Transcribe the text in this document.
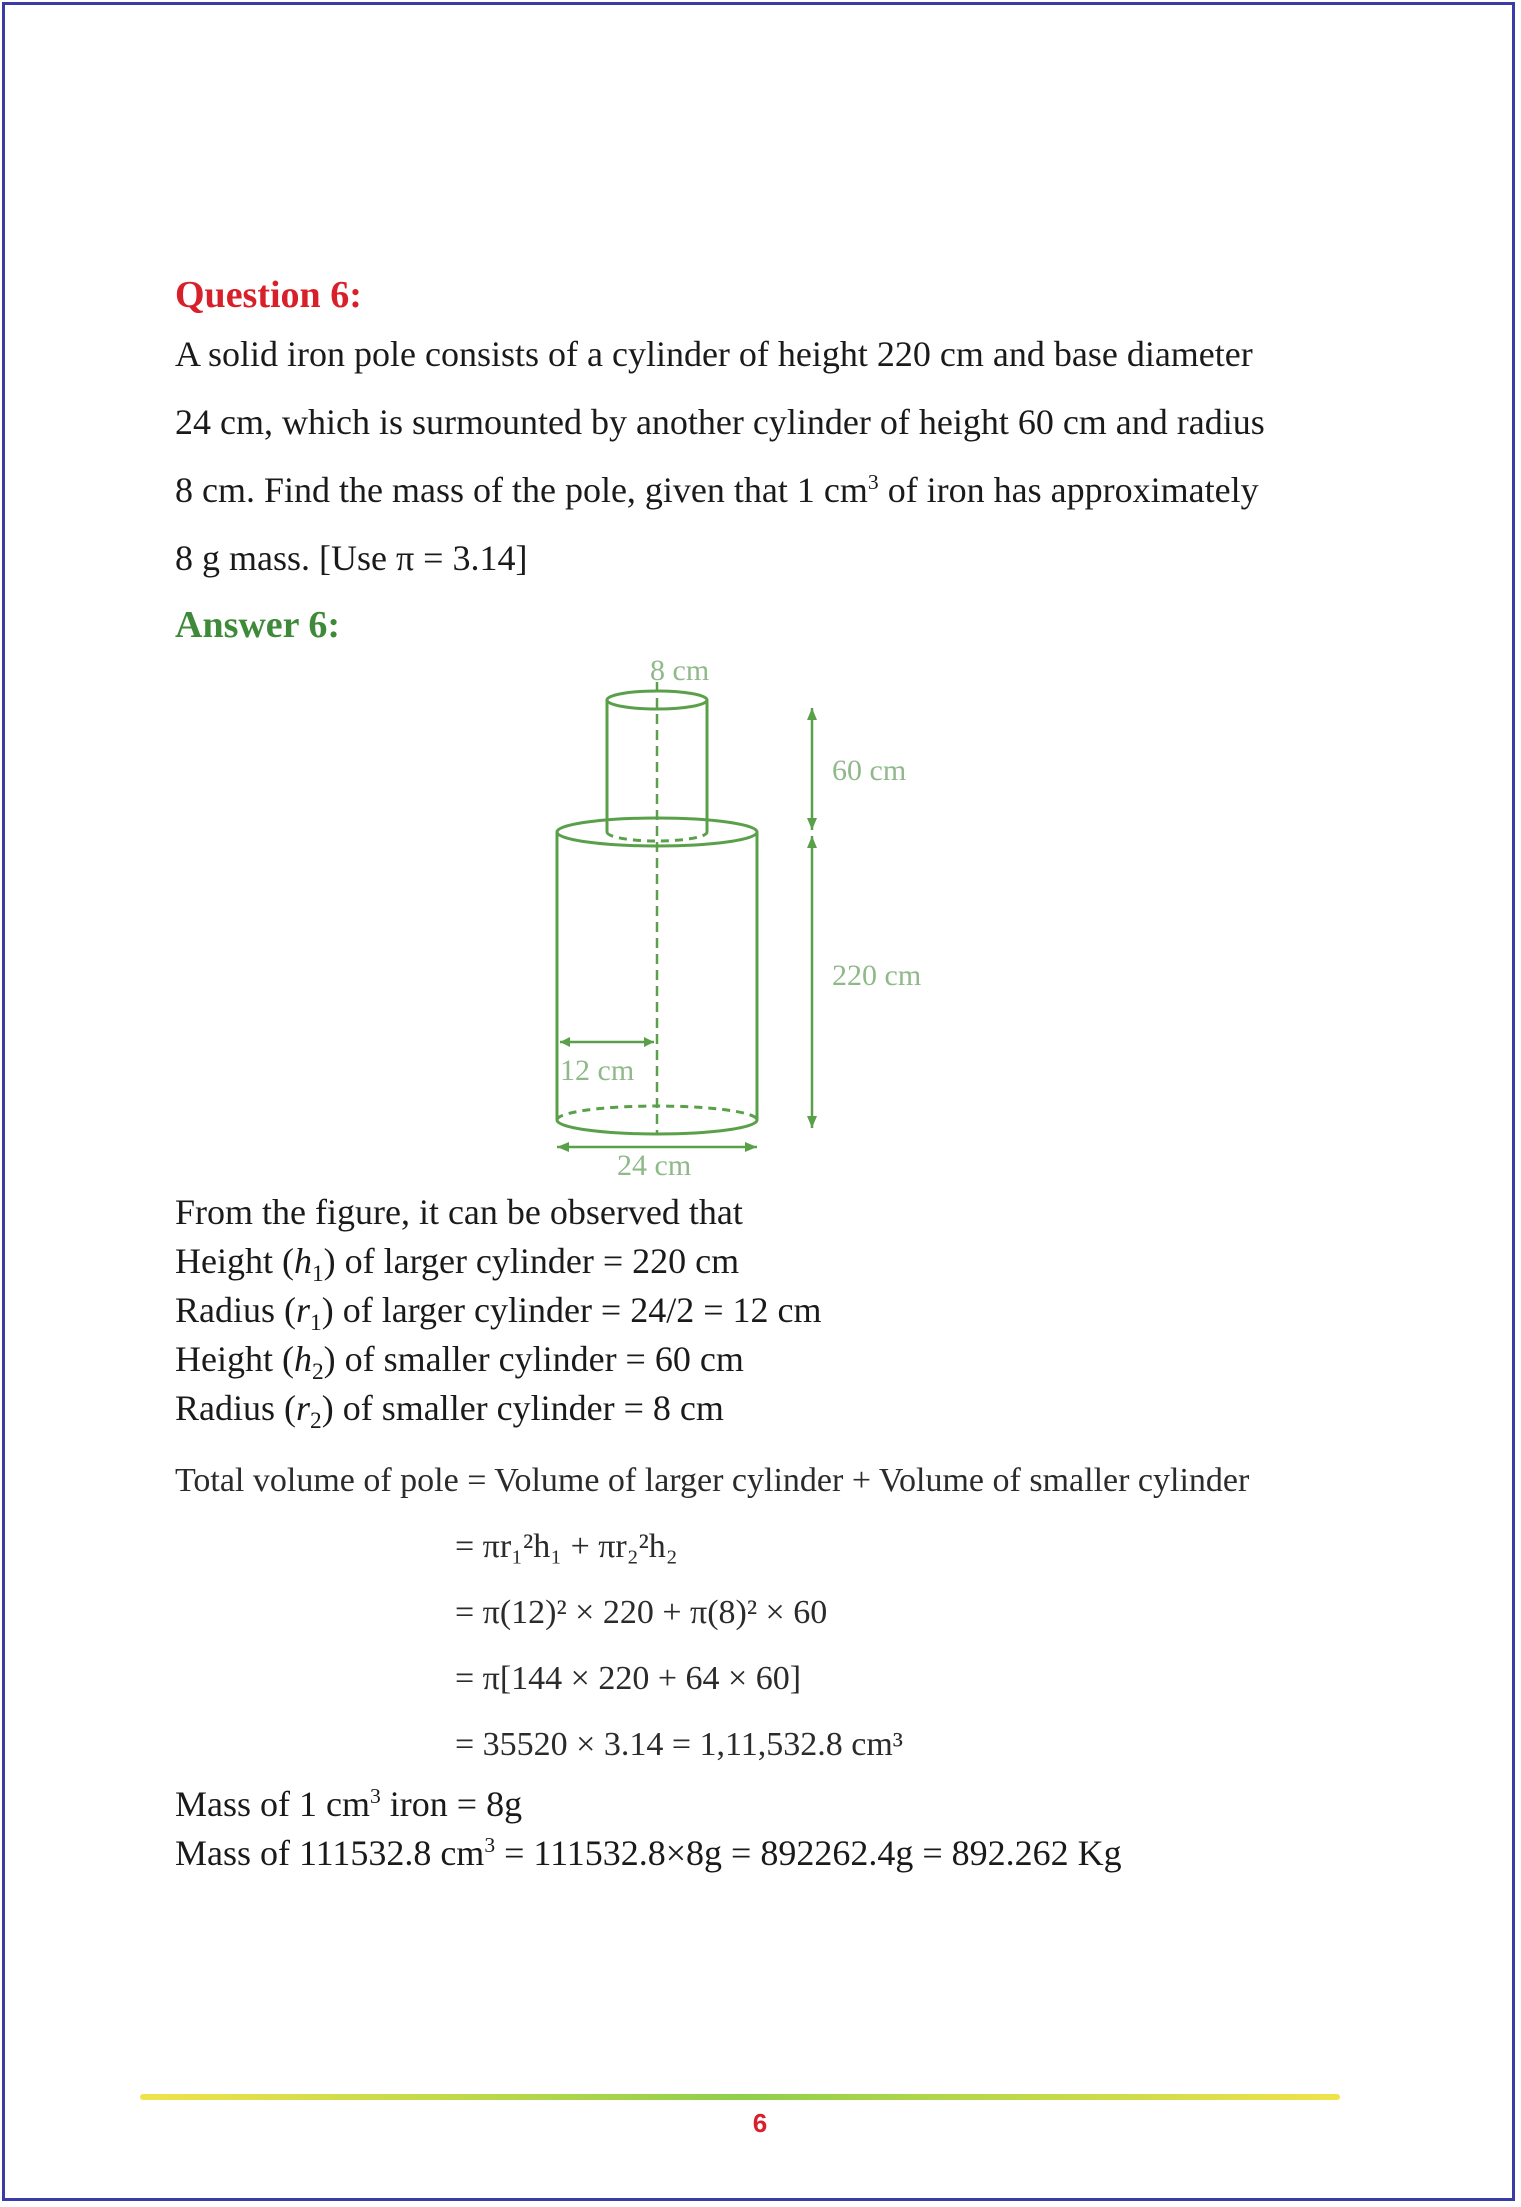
Question 6:

A solid iron pole consists of a cylinder of height 220 cm and base diameter

24 cm, which is surmounted by another cylinder of height 60 cm and radius

8 cm. Find the mass of the pole, given that 1 $cm^3$ of iron has approximately

8 g mass. [Use π = 3.14]

Answer 6:

8 cm
60 cm
220 cm
12 cm
24 cm

From the figure, it can be observed that

Height $(h_1)$ of larger cylinder = 220 cm

Radius $(r_1)$ of larger cylinder = 24/2 = 12 cm

Height $(h_2)$ of smaller cylinder = 60 cm

Radius $(r_2)$ of smaller cylinder = 8 cm

Total volume of pole = Volume of larger cylinder + Volume of smaller cylinder
= πr₁²h₁ + πr₂²h₂
= π(12)² × 220 + π(8)² × 60
= π[144 × 220 + 64 × 60]
= 35520 × 3.14 = 1,11,532.8 cm³

Mass of 1 $cm^3$ iron = 8g

Mass of 111532.8 $cm^3 = 111532.8\times 8g = 892262.4g = 892.262$ Kg

6
